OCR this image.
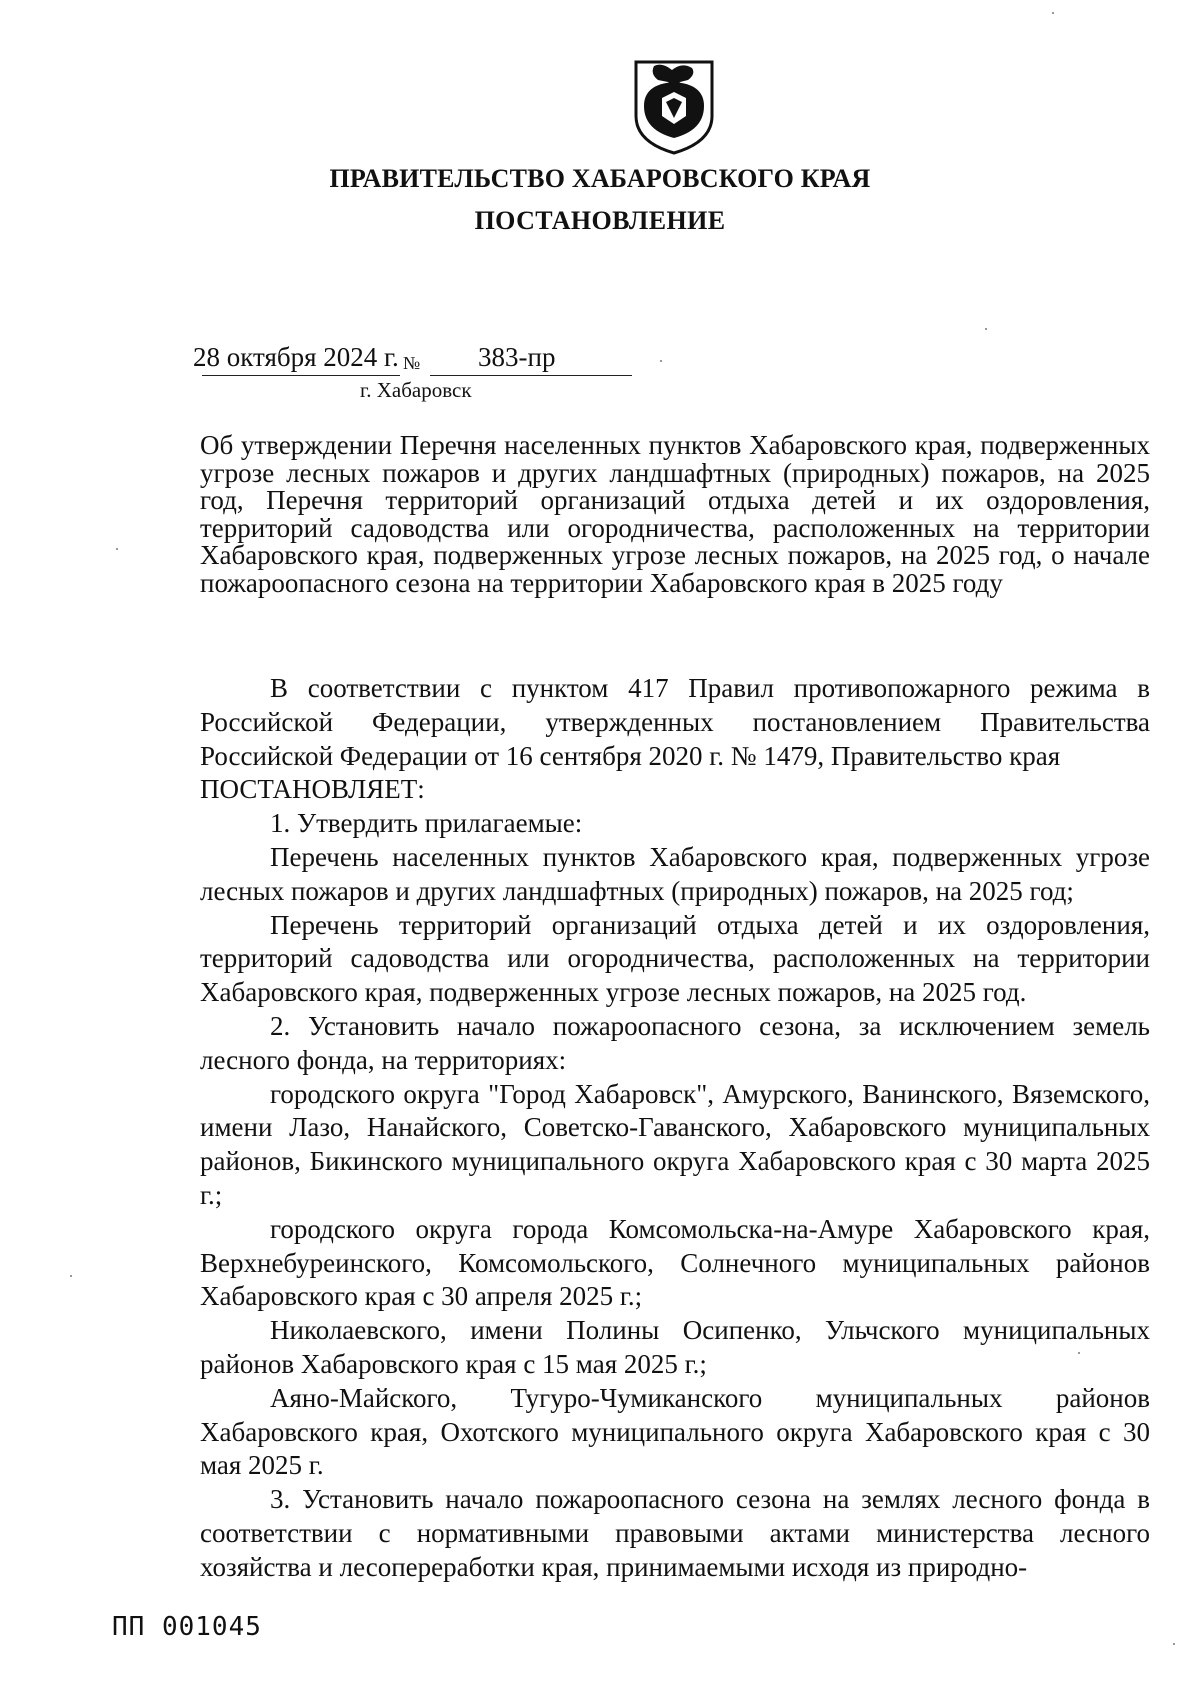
ПРАВИТЕЛЬСТВО ХАБАРОВСКОГО КРАЯ
ПОСТАНОВЛЕНИЕ
28 октября 2024 г. № 383-пр
г. Хабаровск
Об утверждении Перечня населенных пунктов Хабаровского края, подверженных угрозе лесных пожаров и других ландшафтных (природных) пожаров, на 2025 год, Перечня территорий организаций отдыха детей и их оздоровления, территорий садоводства или огородничества, расположенных на территории Хабаровского края, подверженных угрозе лесных пожаров, на 2025 год, о начале пожароопасного сезона на территории Хабаровского края в 2025 году

В соответствии с пунктом 417 Правил противопожарного режима в Российской Федерации, утвержденных постановлением Правительства Российской Федерации от 16 сентября 2020 г. № 1479, Правительство края

ПОСТАНОВЛЯЕТ:

1. Утвердить прилагаемые:

Перечень населенных пунктов Хабаровского края, подверженных угрозе лесных пожаров и других ландшафтных (природных) пожаров, на 2025 год;

Перечень территорий организаций отдыха детей и их оздоровления, территорий садоводства или огородничества, расположенных на территории Хабаровского края, подверженных угрозе лесных пожаров, на 2025 год.

2. Установить начало пожароопасного сезона, за исключением земель лесного фонда, на территориях:

городского округа "Город Хабаровск", Амурского, Ванинского, Вяземского, имени Лазо, Нанайского, Советско-Гаванского, Хабаровского муниципальных районов, Бикинского муниципального округа Хабаровского края с 30 марта 2025 г.;

городского округа города Комсомольска-на-Амуре Хабаровского края, Верхнебуреинского, Комсомольского, Солнечного муниципальных районов Хабаровского края с 30 апреля 2025 г.;

Николаевского, имени Полины Осипенко, Ульчского муниципальных районов Хабаровского края с 15 мая 2025 г.;

Аяно-Майского, Тугуро-Чумиканского муниципальных районов Хабаровского края, Охотского муниципального округа Хабаровского края с 30 мая 2025 г.

3. Установить начало пожароопасного сезона на землях лесного фонда в соответствии с нормативными правовыми актами министерства лесного хозяйства и лесопереработки края, принимаемыми исходя из природно-

ПП 001045
